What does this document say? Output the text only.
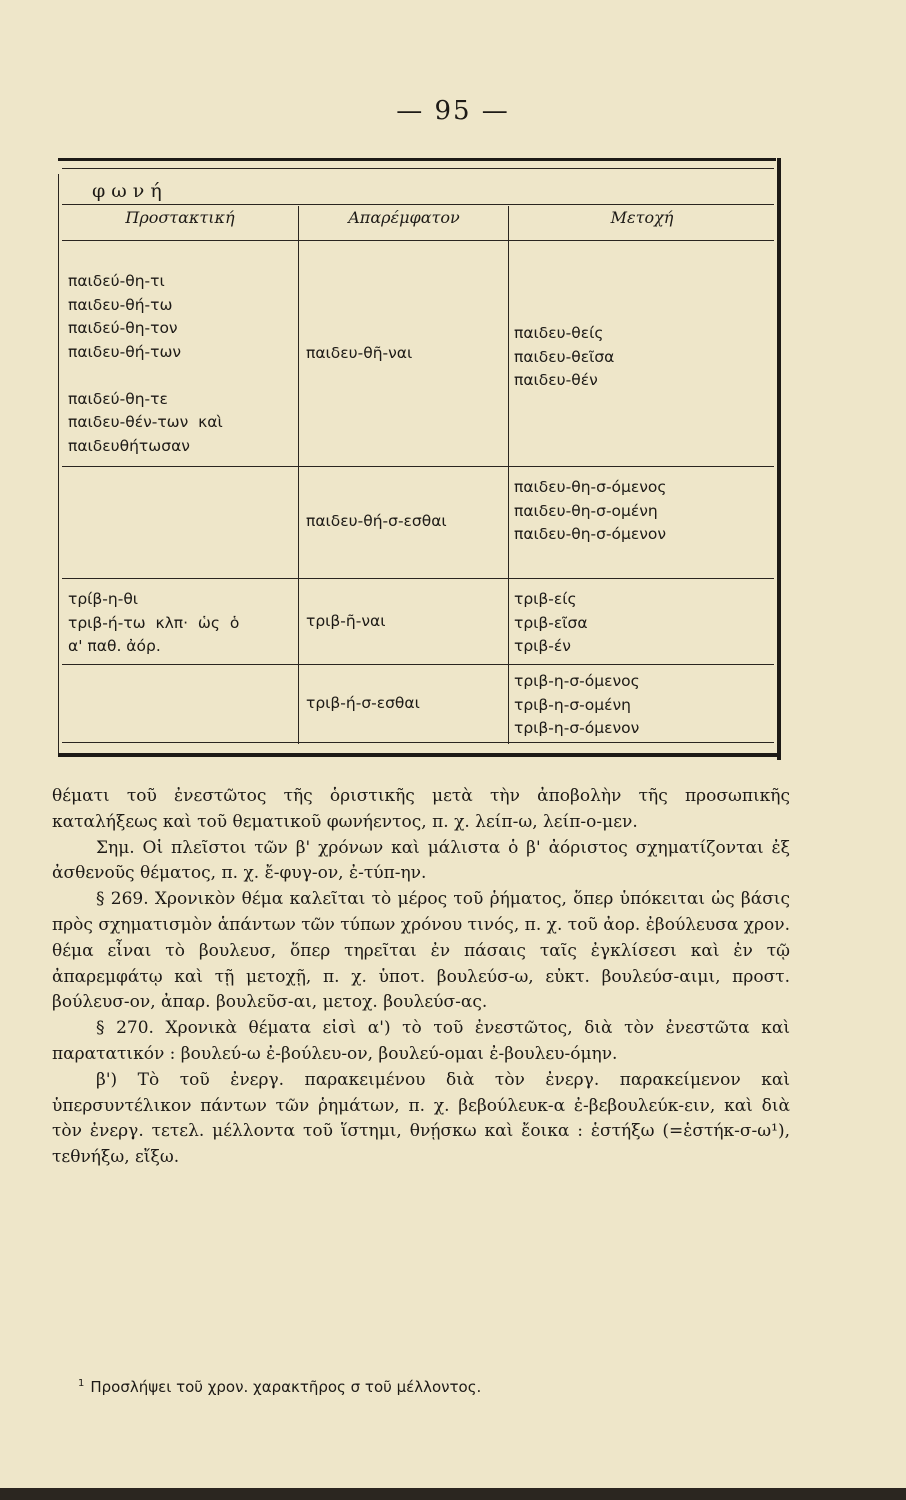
— 95 —
φωνή
Προστακτική	Απαρέμφατον	Μετοχή
παιδεύ-θη-τι
παιδευ-θή-τω
παιδεύ-θη-τον
παιδευ-θή-των

παιδεύ-θη-τε
παιδευ-θέν-των  καὶ
παιδευθήτωσαν
παιδευ-θῆ-ναι
παιδευ-θείς
παιδευ-θεῖσα
παιδευ-θέν
παιδευ-θή-σ-εσθαι
παιδευ-θη-σ-όμενος
παιδευ-θη-σ-ομένη
παιδευ-θη-σ-όμενον
τρίβ-η-θι
τριβ-ή-τω  κλπ·  ὡς  ὁ
α' παθ. ἀόρ.
τριβ-ῆ-ναι
τριβ-είς
τριβ-εῖσα
τριβ-έν
τριβ-ή-σ-εσθαι
τριβ-η-σ-όμενος
τριβ-η-σ-ομένη
τριβ-η-σ-όμενον

θέματι τοῦ ἐνεστῶτος τῆς ὁριστικῆς μετὰ τὴν ἀποβολὴν τῆς προσωπικῆς καταλήξεως καὶ τοῦ θεματικοῦ φωνήεντος, π. χ. λείπ-ω, λείπ-ο-μεν.

Σημ. Οἱ πλεῖστοι τῶν β' χρόνων καὶ μάλιστα ὁ β' ἀόριστος σχηματίζονται ἐξ ἀσθενοῦς θέματος, π. χ. ἔ-φυγ-ον, ἐ-τύπ-ην.

§ 269. Χρονικὸν θέμα καλεῖται τὸ μέρος τοῦ ῥήματος, ὅπερ ὑπόκειται ὡς βάσις πρὸς σχηματισμὸν ἁπάντων τῶν τύπων χρόνου τινός, π. χ. τοῦ ἀορ. ἐβούλευσα χρον. θέμα εἶναι τὸ βουλευσ, ὅπερ τηρεῖται ἐν πάσαις ταῖς ἐγκλίσεσι καὶ ἐν τῷ ἀπαρεμφάτῳ καὶ τῇ μετοχῇ, π. χ. ὑποτ. βουλεύσ-ω, εὐκτ. βουλεύσ-αιμι, προστ. βούλευσ-ον, ἀπαρ. βουλεῦσ-αι, μετοχ. βουλεύσ-ας.

§ 270. Χρονικὰ θέματα εἰσὶ α') τὸ τοῦ ἐνεστῶτος, διὰ τὸν ἐνεστῶτα καὶ παρατατικόν : βουλεύ-ω ἐ-βούλευ-ον, βουλεύ-ομαι ἐ-βουλευ-όμην.

β') Τὸ τοῦ ἐνεργ. παρακειμένου διὰ τὸν ἐνεργ. παρακείμενον καὶ ὑπερσυντέλικον πάντων τῶν ῥημάτων, π. χ. βεβούλευκ-α ἐ-βεβουλεύκ-ειν, καὶ διὰ τὸν ἐνεργ. τετελ. μέλλοντα τοῦ ἵστημι, θνῄσκω καὶ ἔοικα : ἑστήξω (=ἑστήκ-σ-ω¹), τεθνήξω, εἴξω.

$^1$ Προσλήψει τοῦ χρον. χαρακτῆρος σ τοῦ μέλλοντος.
